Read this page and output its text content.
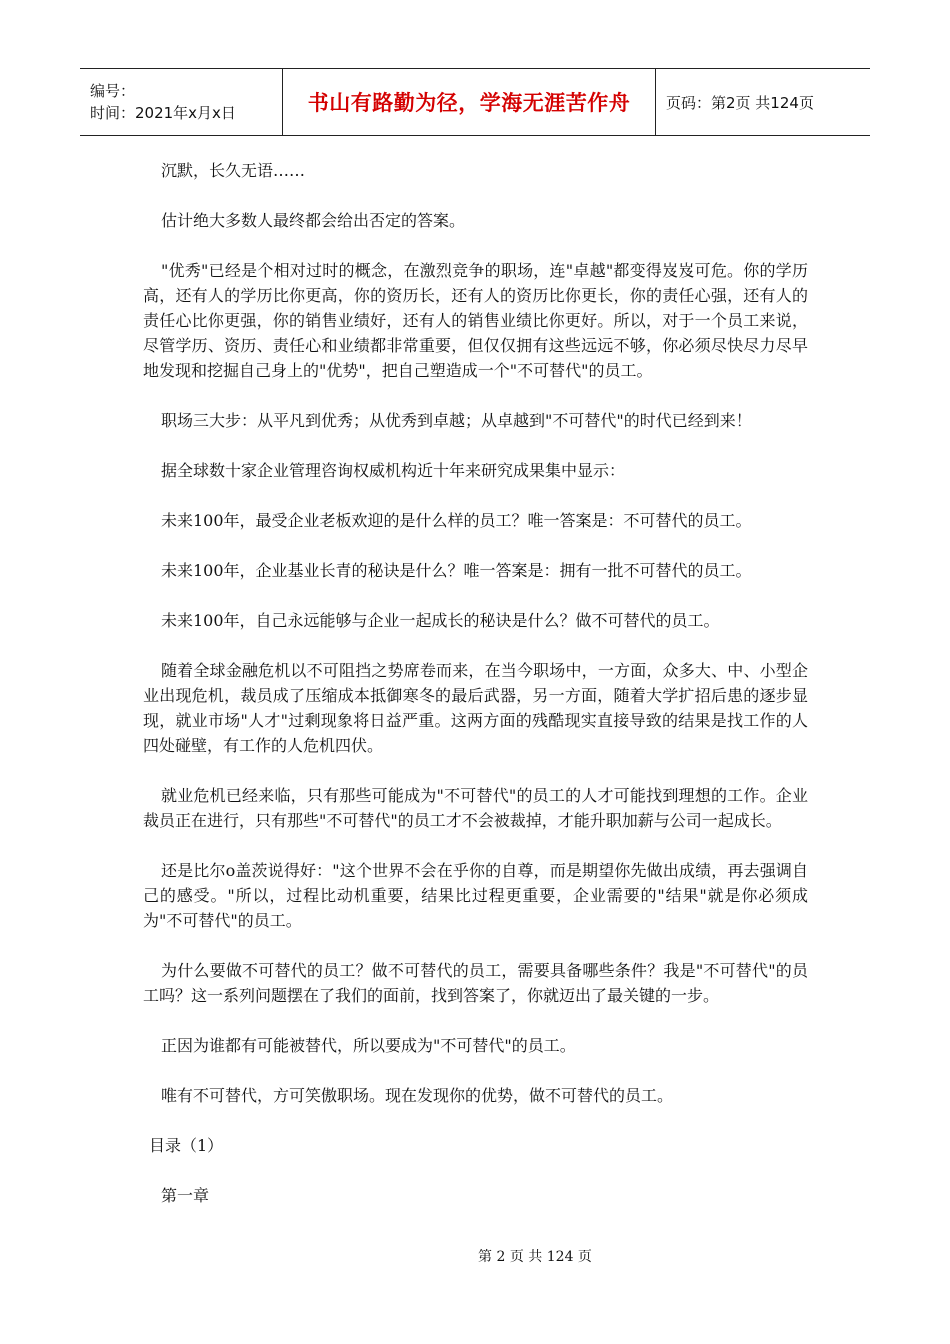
编号：
时间：2021年x月x日	书山有路勤为径，学海无涯苦作舟 页码：第2页 共124页

沉默，长久无语……

估计绝大多数人最终都会给出否定的答案。

"优秀"已经是个相对过时的概念，在激烈竞争的职场，连"卓越"都变得岌岌可危。你的学历高，还有人的学历比你更高，你的资历长，还有人的资历比你更长，你的责任心强，还有人的责任心比你更强，你的销售业绩好，还有人的销售业绩比你更好。所以，对于一个员工来说，尽管学历、资历、责任心和业绩都非常重要，但仅仅拥有这些远远不够，你必须尽快尽力尽早地发现和挖掘自己身上的"优势"，把自己塑造成一个"不可替代"的员工。

职场三大步：从平凡到优秀；从优秀到卓越；从卓越到"不可替代"的时代已经到来！

据全球数十家企业管理咨询权威机构近十年来研究成果集中显示：

未来100年，最受企业老板欢迎的是什么样的员工？唯一答案是：不可替代的员工。

未来100年，企业基业长青的秘诀是什么？唯一答案是：拥有一批不可替代的员工。

未来100年，自己永远能够与企业一起成长的秘诀是什么？做不可替代的员工。

随着全球金融危机以不可阻挡之势席卷而来，在当今职场中，一方面，众多大、中、小型企业出现危机，裁员成了压缩成本抵御寒冬的最后武器，另一方面，随着大学扩招后患的逐步显现，就业市场"人才"过剩现象将日益严重。这两方面的残酷现实直接导致的结果是找工作的人四处碰壁，有工作的人危机四伏。

就业危机已经来临，只有那些可能成为"不可替代"的员工的人才可能找到理想的工作。企业裁员正在进行，只有那些"不可替代"的员工才不会被裁掉，才能升职加薪与公司一起成长。

还是比尔o盖茨说得好："这个世界不会在乎你的自尊，而是期望你先做出成绩，再去强调自己的感受。"所以，过程比动机重要，结果比过程更重要，企业需要的"结果"就是你必须成为"不可替代"的员工。

为什么要做不可替代的员工？做不可替代的员工，需要具备哪些条件？我是"不可替代"的员工吗？这一系列问题摆在了我们的面前，找到答案了，你就迈出了最关键的一步。

正因为谁都有可能被替代，所以要成为"不可替代"的员工。

唯有不可替代，方可笑傲职场。现在发现你的优势，做不可替代的员工。

目录（1）

第一章

第 2 页 共 124 页
